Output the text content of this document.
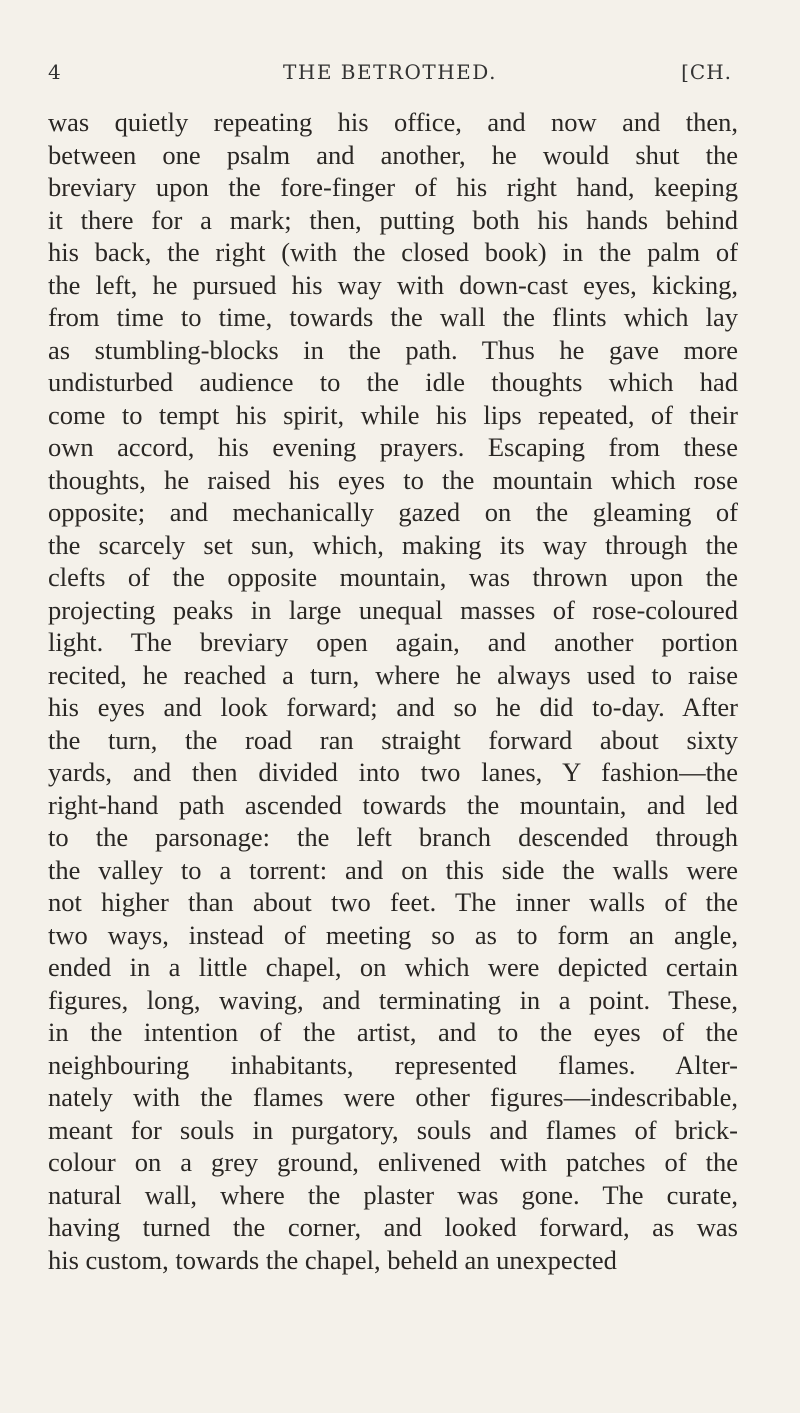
4	THE BETROTHED.	[CH.
was quietly repeating his office, and now and then,
between one psalm and another, he would shut the
breviary upon the fore-finger of his right hand, keeping
it there for a mark; then, putting both his hands behind
his back, the right (with the closed book) in the palm of
the left, he pursued his way with down-cast eyes, kicking,
from time to time, towards the wall the flints which lay
as stumbling-blocks in the path. Thus he gave more
undisturbed audience to the idle thoughts which had
come to tempt his spirit, while his lips repeated, of their
own accord, his evening prayers. Escaping from these
thoughts, he raised his eyes to the mountain which rose
opposite; and mechanically gazed on the gleaming of
the scarcely set sun, which, making its way through the
clefts of the opposite mountain, was thrown upon the
projecting peaks in large unequal masses of rose-coloured
light. The breviary open again, and another portion
recited, he reached a turn, where he always used to raise
his eyes and look forward; and so he did to-day. After
the turn, the road ran straight forward about sixty
yards, and then divided into two lanes, Y fashion—the
right-hand path ascended towards the mountain, and led
to the parsonage: the left branch descended through
the valley to a torrent: and on this side the walls were
not higher than about two feet. The inner walls of the
two ways, instead of meeting so as to form an angle,
ended in a little chapel, on which were depicted certain
figures, long, waving, and terminating in a point. These,
in the intention of the artist, and to the eyes of the
neighbouring inhabitants, represented flames. Alter-
nately with the flames were other figures—indescribable,
meant for souls in purgatory, souls and flames of brick-
colour on a grey ground, enlivened with patches of the
natural wall, where the plaster was gone. The curate,
having turned the corner, and looked forward, as was
his custom, towards the chapel, beheld an unexpected
